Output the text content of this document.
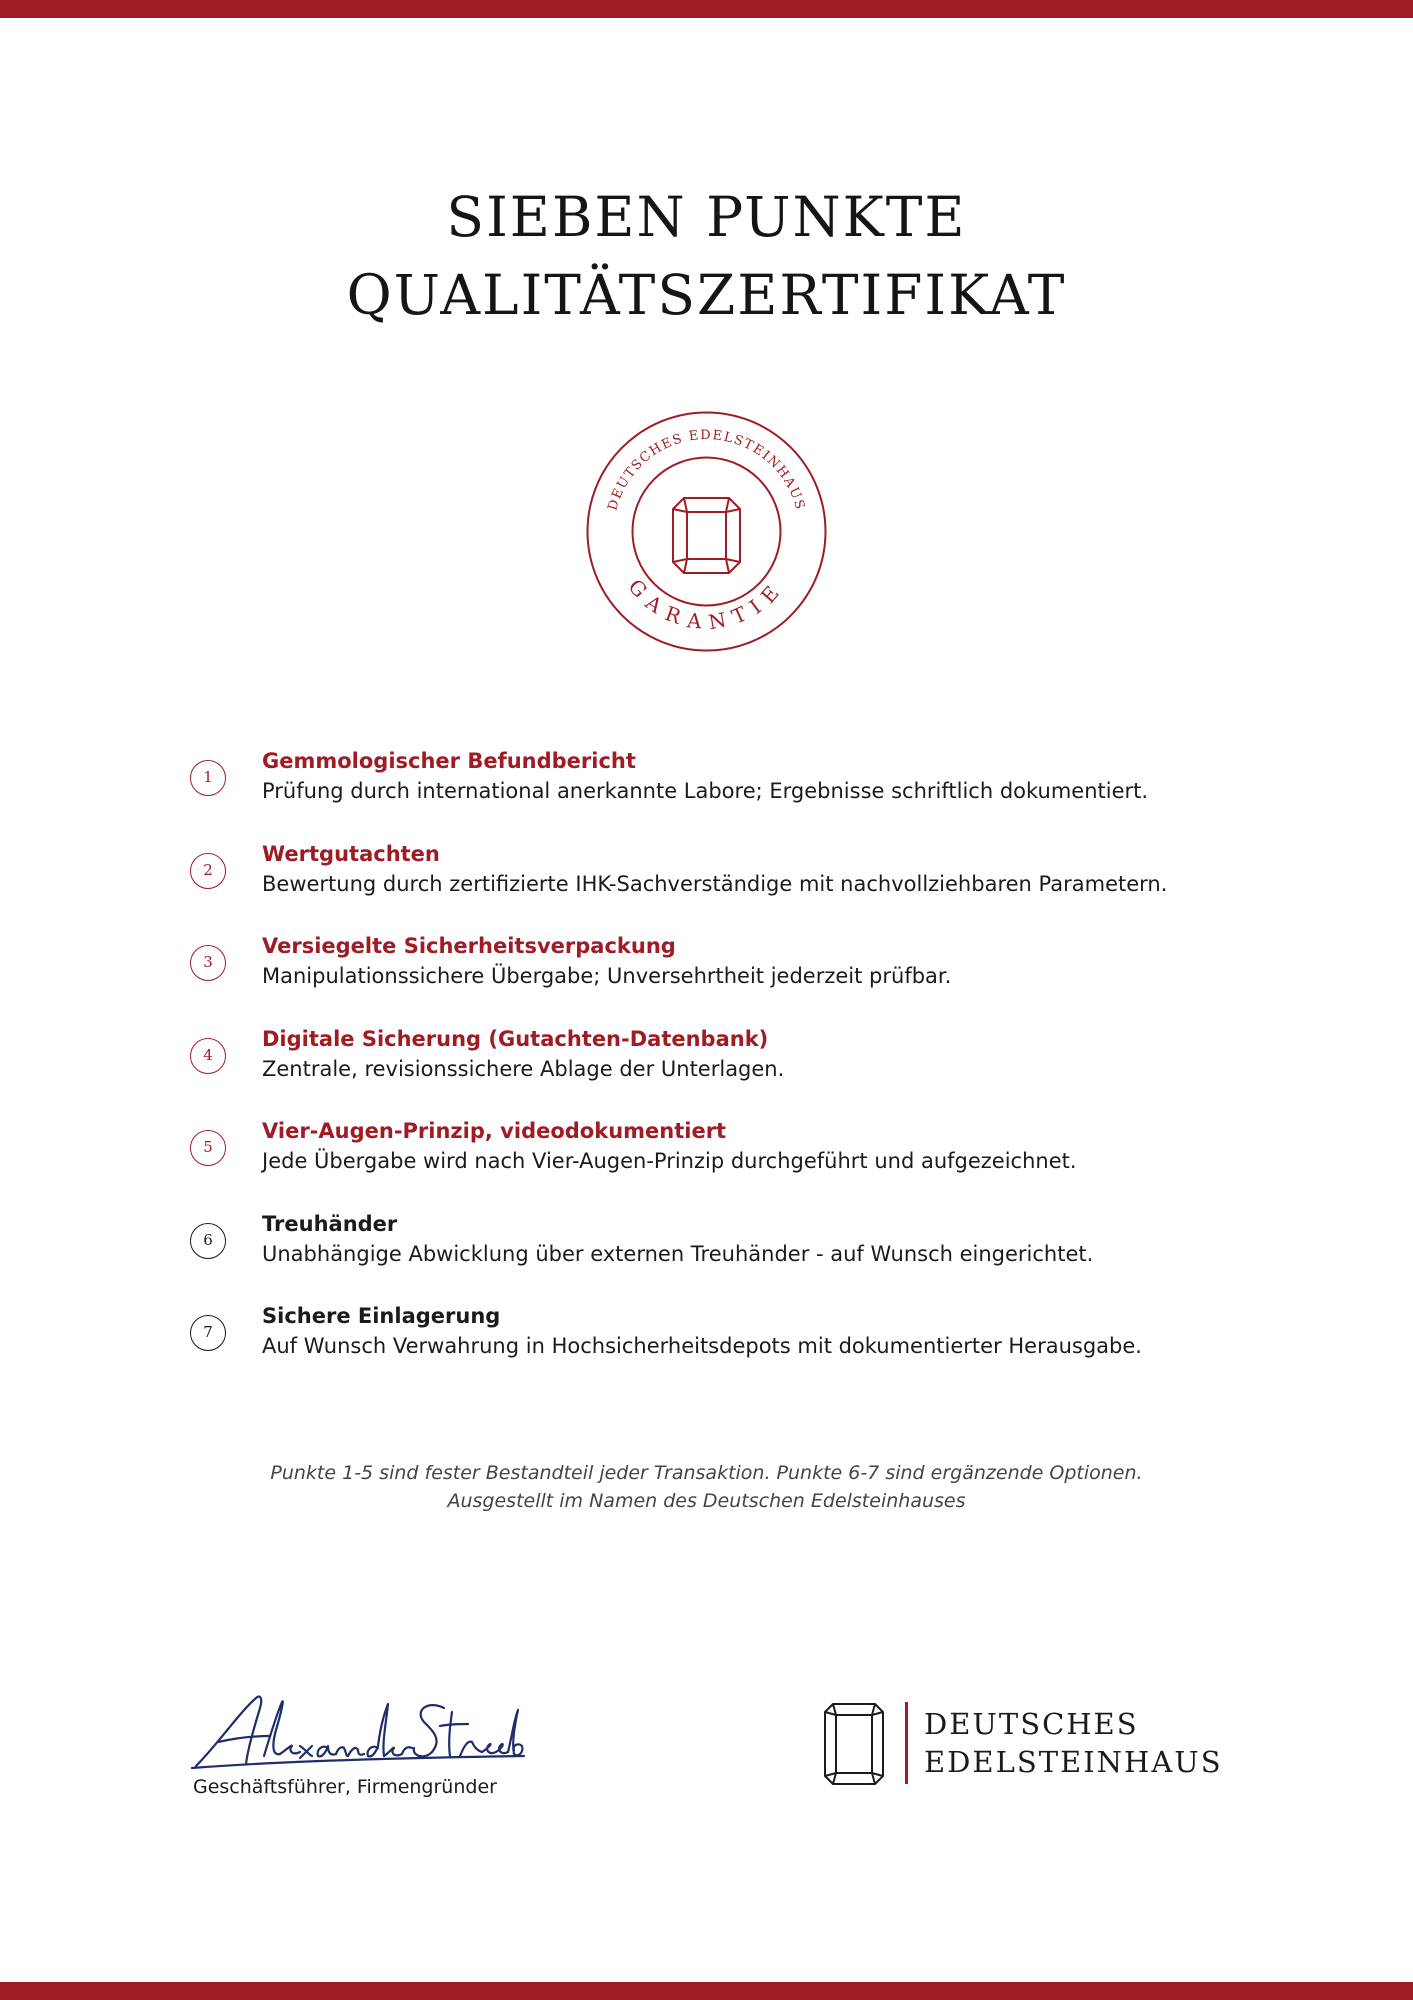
SIEBEN PUNKTE
QUALITÄTSZERTIFIKAT
DEUTSCHES EDELSTEINHAUS
GARANTIE
1

Gemmologischer Befundbericht

Prüfung durch international anerkannte Labore; Ergebnisse schriftlich dokumentiert.

2

Wertgutachten

Bewertung durch zertifizierte IHK-Sachverständige mit nachvollziehbaren Parametern.

3

Versiegelte Sicherheitsverpackung

Manipulationssichere Übergabe; Unversehrtheit jederzeit prüfbar.

4

Digitale Sicherung (Gutachten-Datenbank)

Zentrale, revisionssichere Ablage der Unterlagen.

5

Vier-Augen-Prinzip, videodokumentiert

Jede Übergabe wird nach Vier-Augen-Prinzip durchgeführt und aufgezeichnet.

6

Treuhänder

Unabhängige Abwicklung über externen Treuhänder - auf Wunsch eingerichtet.

7

Sichere Einlagerung

Auf Wunsch Verwahrung in Hochsicherheitsdepots mit dokumentierter Herausgabe.

Punkte 1-5 sind fester Bestandteil jeder Transaktion. Punkte 6-7 sind ergänzende Optionen.
Ausgestellt im Namen des Deutschen Edelsteinhauses

Geschäftsführer, Firmengründer

DEUTSCHES
EDELSTEINHAUS
